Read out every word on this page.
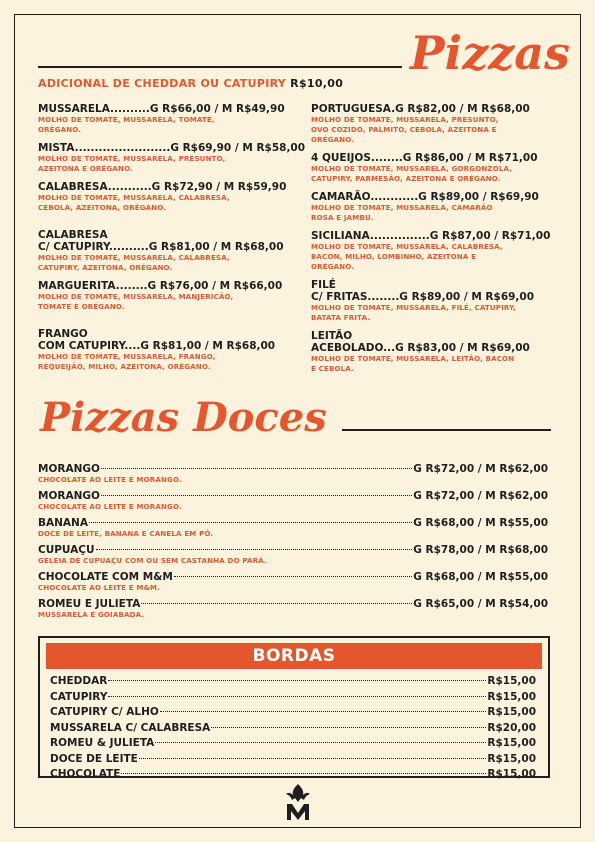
Pizzas
ADICIONAL DE CHEDDAR OU CATUPIRY R$10,00
MUSSARELA..........G R$66,00 / M R$49,90
MOLHO DE TOMATE, MUSSARELA, TOMATE,
ORÉGANO.
MISTA........................G R$69,90 / M R$58,00
MOLHO DE TOMATE, MUSSARELA, PRESUNTO,
AZEITONA E ORÉGANO.
CALABRESA...........G R$72,90 / M R$59,90
MOLHO DE TOMATE, MUSSARELA, CALABRESA,
CEBOLA, AZEITONA, ORÉGANO.
CALABRESA
C/ CATUPIRY..........G R$81,00 / M R$68,00
MOLHO DE TOMATE, MUSSARELA, CALABRESA,
CATUPIRY, AZEITONA, ORÉGANO.
MARGUERITA........G R$76,00 / M R$66,00
MOLHO DE TOMATE, MUSSARELA, MANJERICÃO,
TOMATE E ORÉGANO.
FRANGO
COM CATUPIRY....G R$81,00 / M R$68,00
MOLHO DE TOMATE, MUSSARELA, FRANGO,
REQUEIJÃO, MILHO, AZEITONA, ORÉGANO.
PORTUGUESA.G R$82,00 / M R$68,00
MOLHO DE TOMATE, MUSSARELA, PRESUNTO,
OVO COZIDO, PALMITO, CEBOLA, AZEITONA E
ORÉGANO.
4 QUEIJOS........G R$86,00 / M R$71,00
MOLHO DE TOMATE, MUSSARELA, GORGONZOLA,
CATUPIRY, PARMESÃO, AZEITONA E ORÉGANO.
CAMARÃO............G R$89,00 / R$69,90
MOLHO DE TOMATE, MUSSARELA, CAMARÃO
ROSA E JAMBU.
SICILIANA...............G R$87,00 / R$71,00
MOLHO DE TOMATE, MUSSARELA, CALABRESA,
BACON, MILHO, LOMBINHO, AZEITONA E
ORÉGANO.
FILÉ
C/ FRITAS........G R$89,00 / M R$69,00
MOLHO DE TOMATE, MUSSARELA, FILÉ, CATUPIRY,
BATATA FRITA.
LEITÃO
ACEBOLADO...G R$83,00 / M R$69,00
MOLHO DE TOMATE, MUSSARELA, LEITÃO, BACON
E CEBOLA.
Pizzas Doces
MORANGO	G R$72,00 / M R$62,00
CHOCOLATE AO LEITE E MORANGO.
MORANGO	G R$72,00 / M R$62,00
CHOCOLATE AO LEITE E MORANGO.
BANANA	G R$68,00 / M R$55,00
DOCE DE LEITE, BANANA E CANELA EM PÓ.
CUPUAÇU	G R$78,00 / M R$68,00
GELEIA DE CUPUAÇU COM OU SEM CASTANHA DO PARÁ.
CHOCOLATE COM M&M	G R$68,00 / M R$55,00
CHOCOLATE AO LEITE E M&M.
ROMEU E JULIETA	G R$65,00 / M R$54,00
MUSSARELA E GOIABADA.
BORDAS
CHEDDAR	R$15,00
CATUPIRY	R$15,00
CATUPIRY C/ ALHO	R$15,00
MUSSARELA C/ CALABRESA	R$20,00
ROMEU & JULIETA	R$15,00
DOCE DE LEITE	R$15,00
CHOCOLATE	R$15,00
